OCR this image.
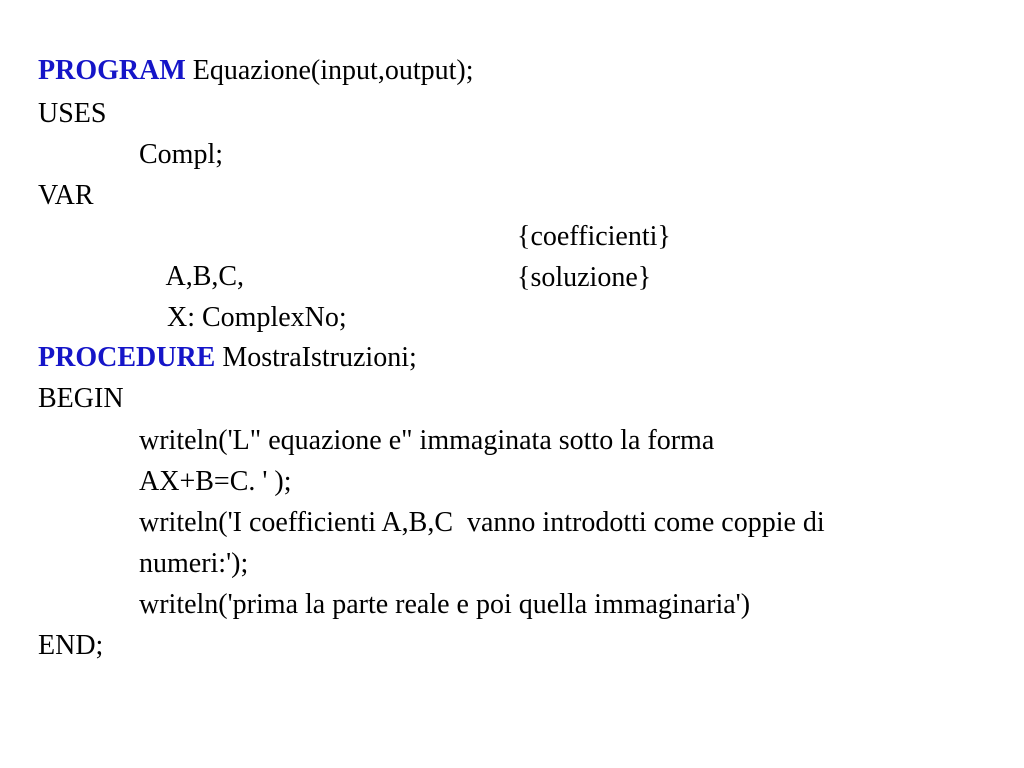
PROGRAM Equazione(input,output);
USES
Compl;
VAR

A,B,C,

{coefficienti}

X: ComplexNo;

{soluzione}

PROCEDURE MostraIstruzioni;
BEGIN
writeln('L" equazione e" immaginata sotto la forma
AX+B=C. ' );
writeln('I coefficienti A,B,C  vanno introdotti come coppie di
numeri:');
writeln('prima la parte reale e poi quella immaginaria')
END;
